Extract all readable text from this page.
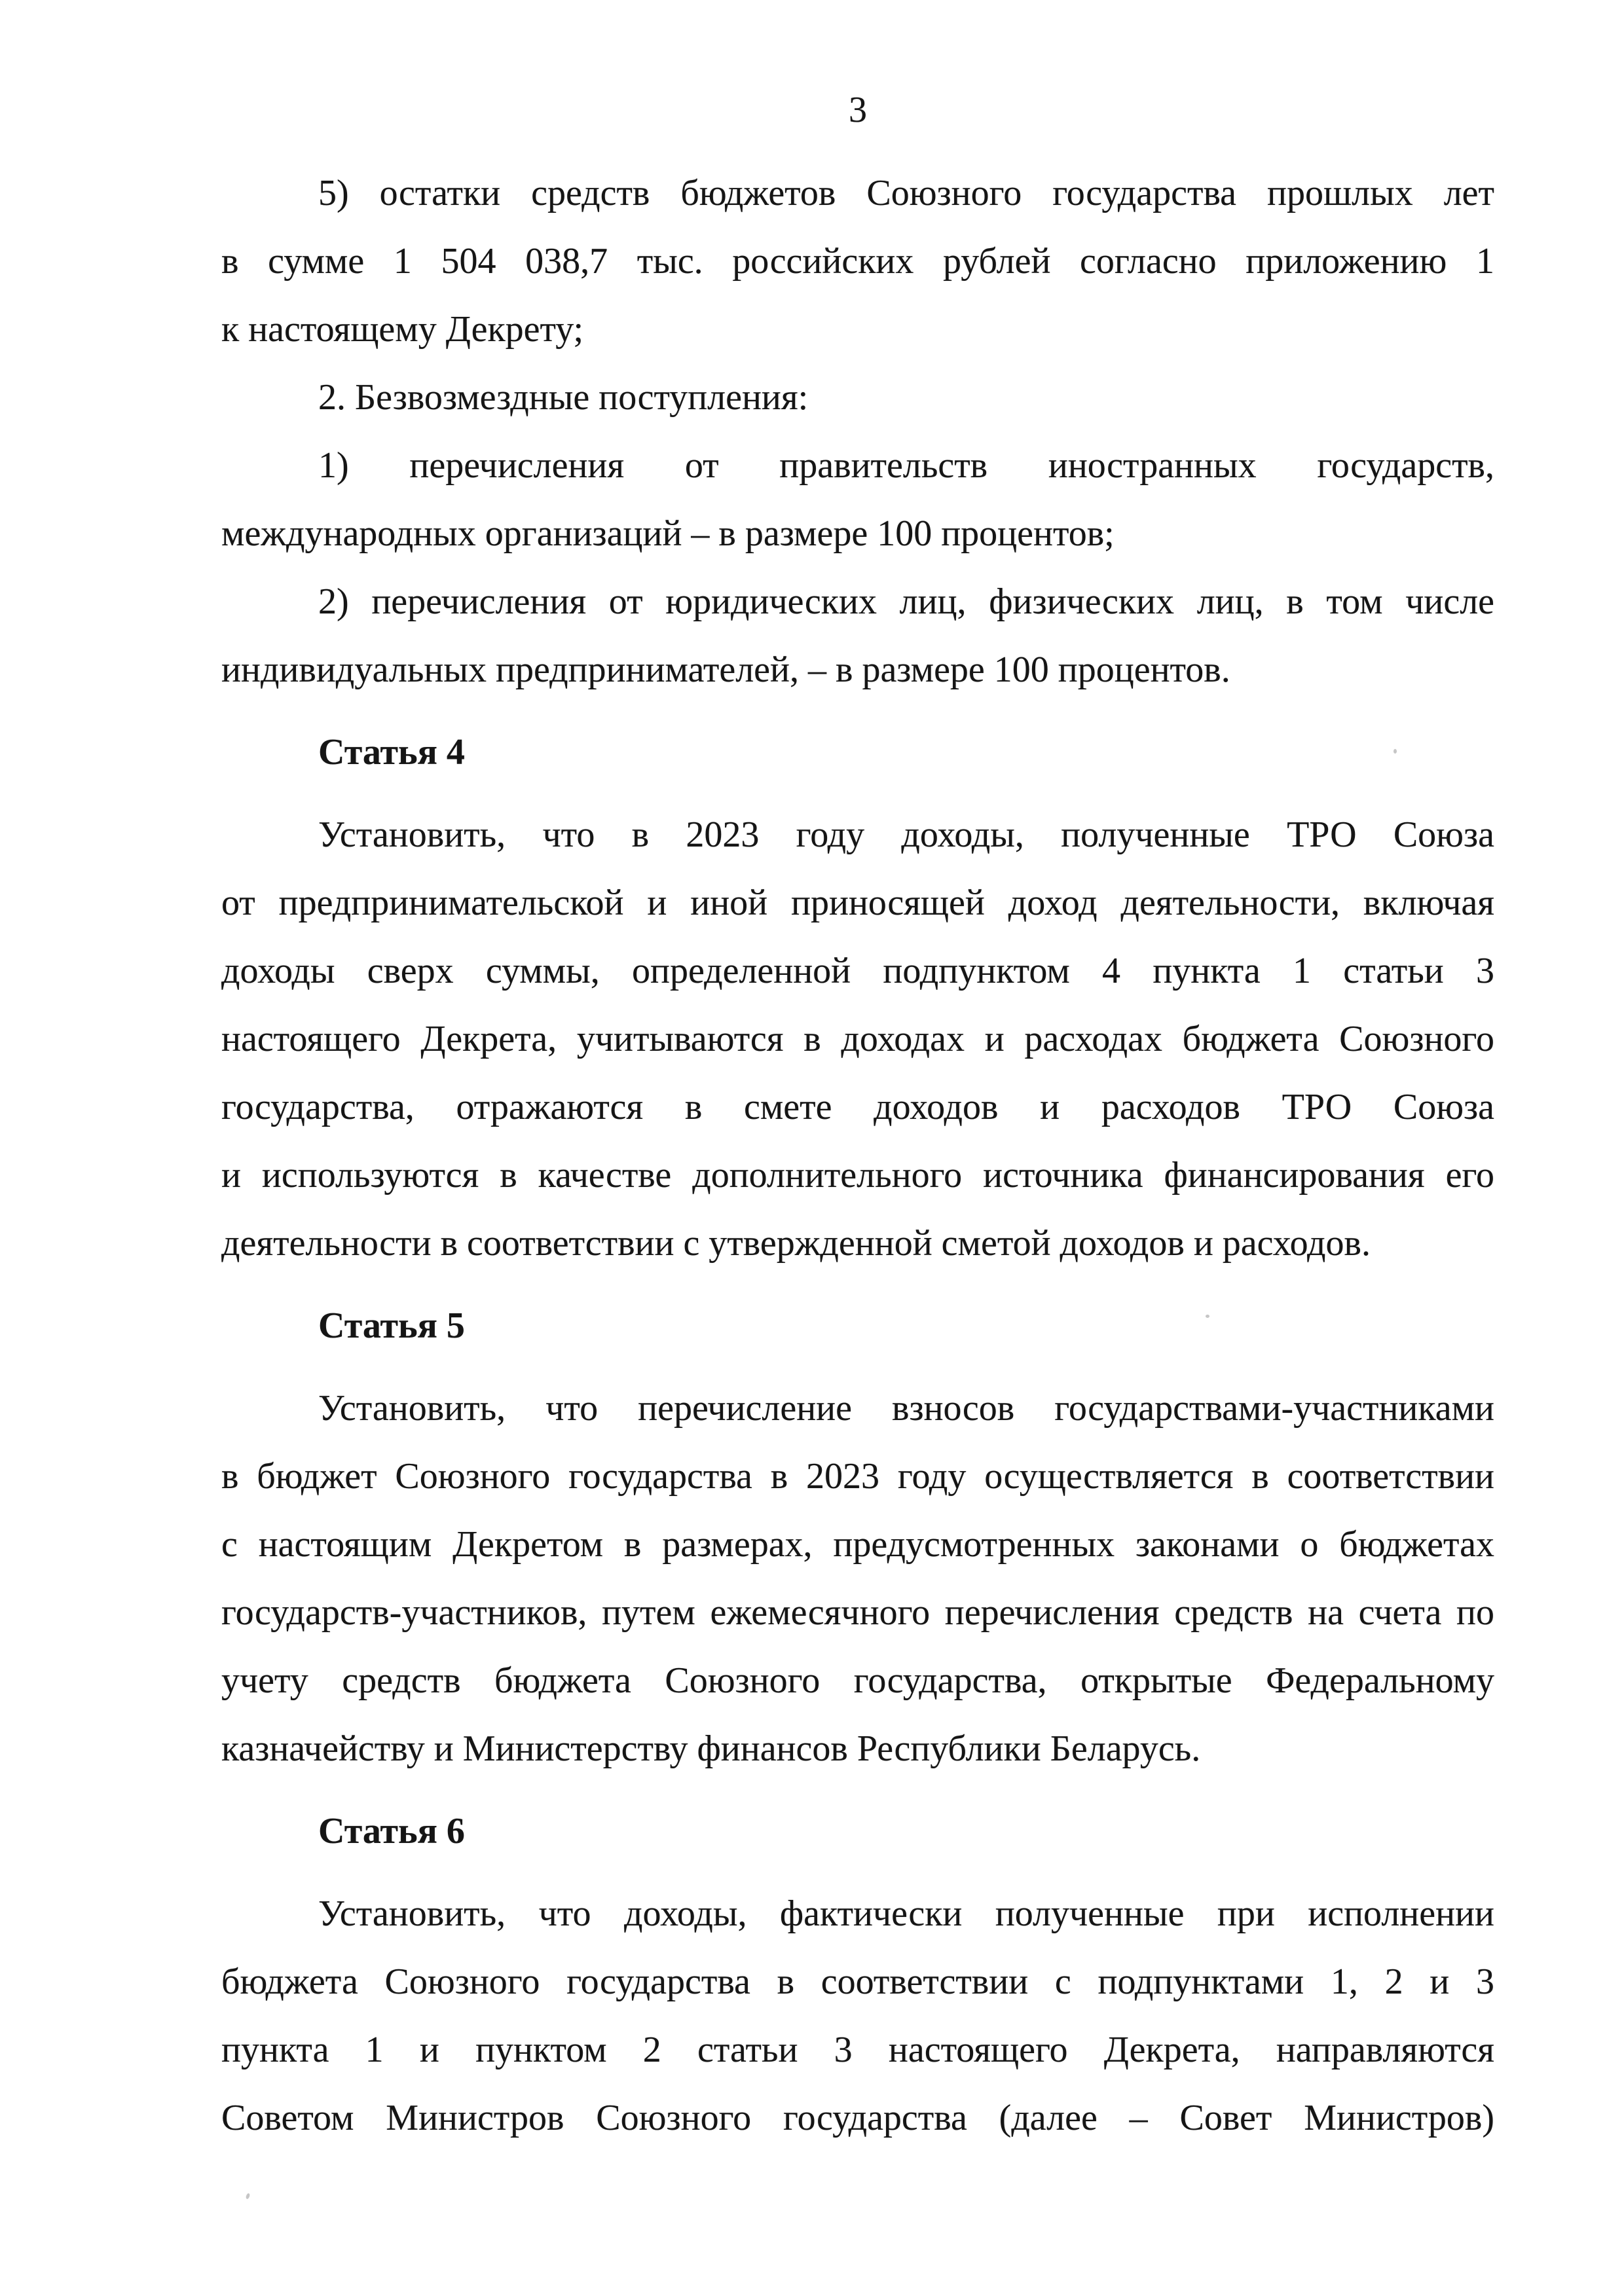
3
5) остатки средств бюджетов Союзного государства прошлых лет
в сумме 1 504 038,7 тыс. российских рублей согласно приложению 1
к настоящему Декрету;
2. Безвозмездные поступления:
1) перечисления от правительств иностранных государств,
международных организаций – в размере 100 процентов;
2) перечисления от юридических лиц, физических лиц, в том числе
индивидуальных предпринимателей, – в размере 100 процентов.
Статья 4
Установить, что в 2023 году доходы, полученные ТРО Союза
от предпринимательской и иной приносящей доход деятельности, включая
доходы сверх суммы, определенной подпунктом 4 пункта 1 статьи 3
настоящего Декрета, учитываются в доходах и расходах бюджета Союзного
государства, отражаются в смете доходов и расходов ТРО Союза
и используются в качестве дополнительного источника финансирования его
деятельности в соответствии с утвержденной сметой доходов и расходов.
Статья 5
Установить, что перечисление взносов государствами-участниками
в бюджет Союзного государства в 2023 году осуществляется в соответствии
с настоящим Декретом в размерах, предусмотренных законами о бюджетах
государств-участников, путем ежемесячного перечисления средств на счета по
учету средств бюджета Союзного государства, открытые Федеральному
казначейству и Министерству финансов Республики Беларусь.
Статья 6
Установить, что доходы, фактически полученные при исполнении
бюджета Союзного государства в соответствии с подпунктами 1, 2 и 3
пункта 1 и пунктом 2 статьи 3 настоящего Декрета, направляются
Советом Министров Союзного государства (далее – Совет Министров)
